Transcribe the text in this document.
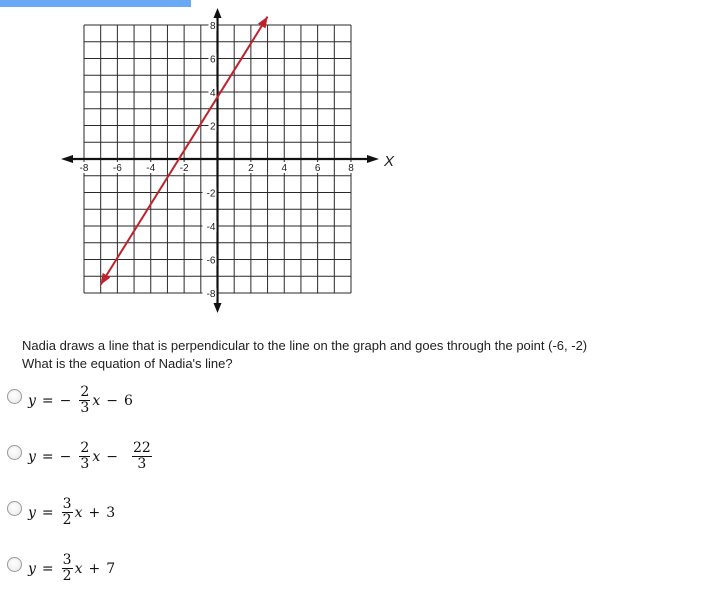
-8 -6 -4 -2	2	4	6	8
8
6
4
2
-2
-4
-6
-8
X
Nadia draws a line that is perpendicular to the line on the graph and goes through the point (-6, -2)
What is the equation of Nadia's line?
y = − $\frac{2}{3}$ x − 6
y = − $\frac{2}{3}$ $x - \frac{22}{3}$
$y = \frac{3}{2}$ x + 3
$y = \frac{3}{2}$ x + 7
